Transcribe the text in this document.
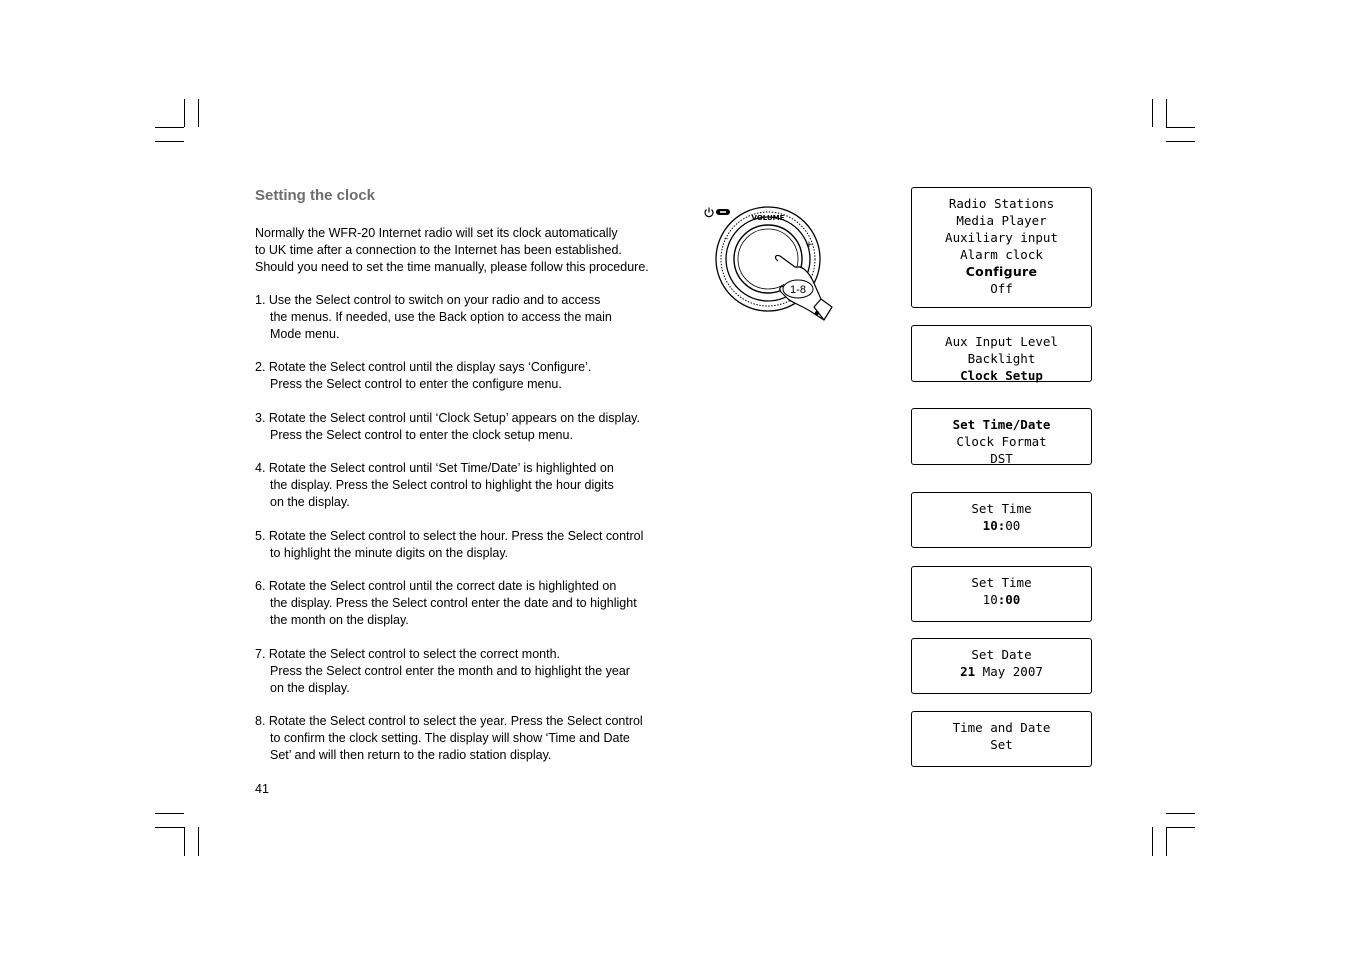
Setting the clock

Normally the WFR-20 Internet radio will set its clock automatically
to UK time after a connection to the Internet has been established.
Should you need to set the time manually, please follow this procedure.

1. Use the Select control to switch on your radio and to access
the menus. If needed, use the Back option to access the main
Mode menu.
2. Rotate the Select control until the display says ‘Configure’.
Press the Select control to enter the configure menu.
3. Rotate the Select control until ‘Clock Setup’ appears on the display.
Press the Select control to enter the clock setup menu.
4. Rotate the Select control until ‘Set Time/Date’ is highlighted on
the display. Press the Select control to highlight the hour digits
on the display.
5. Rotate the Select control to select the hour. Press the Select control
to highlight the minute digits on the display.
6. Rotate the Select control until the correct date is highlighted on
the display. Press the Select control enter the date and to highlight
the month on the display.
7. Rotate the Select control to select the correct month.
Press the Select control enter the month and to highlight the year
on the display.
8. Rotate the Select control to select the year. Press the Select control
to confirm the clock setting. The display will show ‘Time and Date
Set’ and will then return to the radio station display.
41
VOLUME
–
+
1-8
Radio Stations
Media Player
Auxiliary input
Alarm clock
Configure
Off
Aux Input Level
Backlight
Clock Setup
Set Time/Date
Clock Format
DST
Set Time
10:00
Set Time
10:00
Set Date
21 May 2007
Time and Date
Set
